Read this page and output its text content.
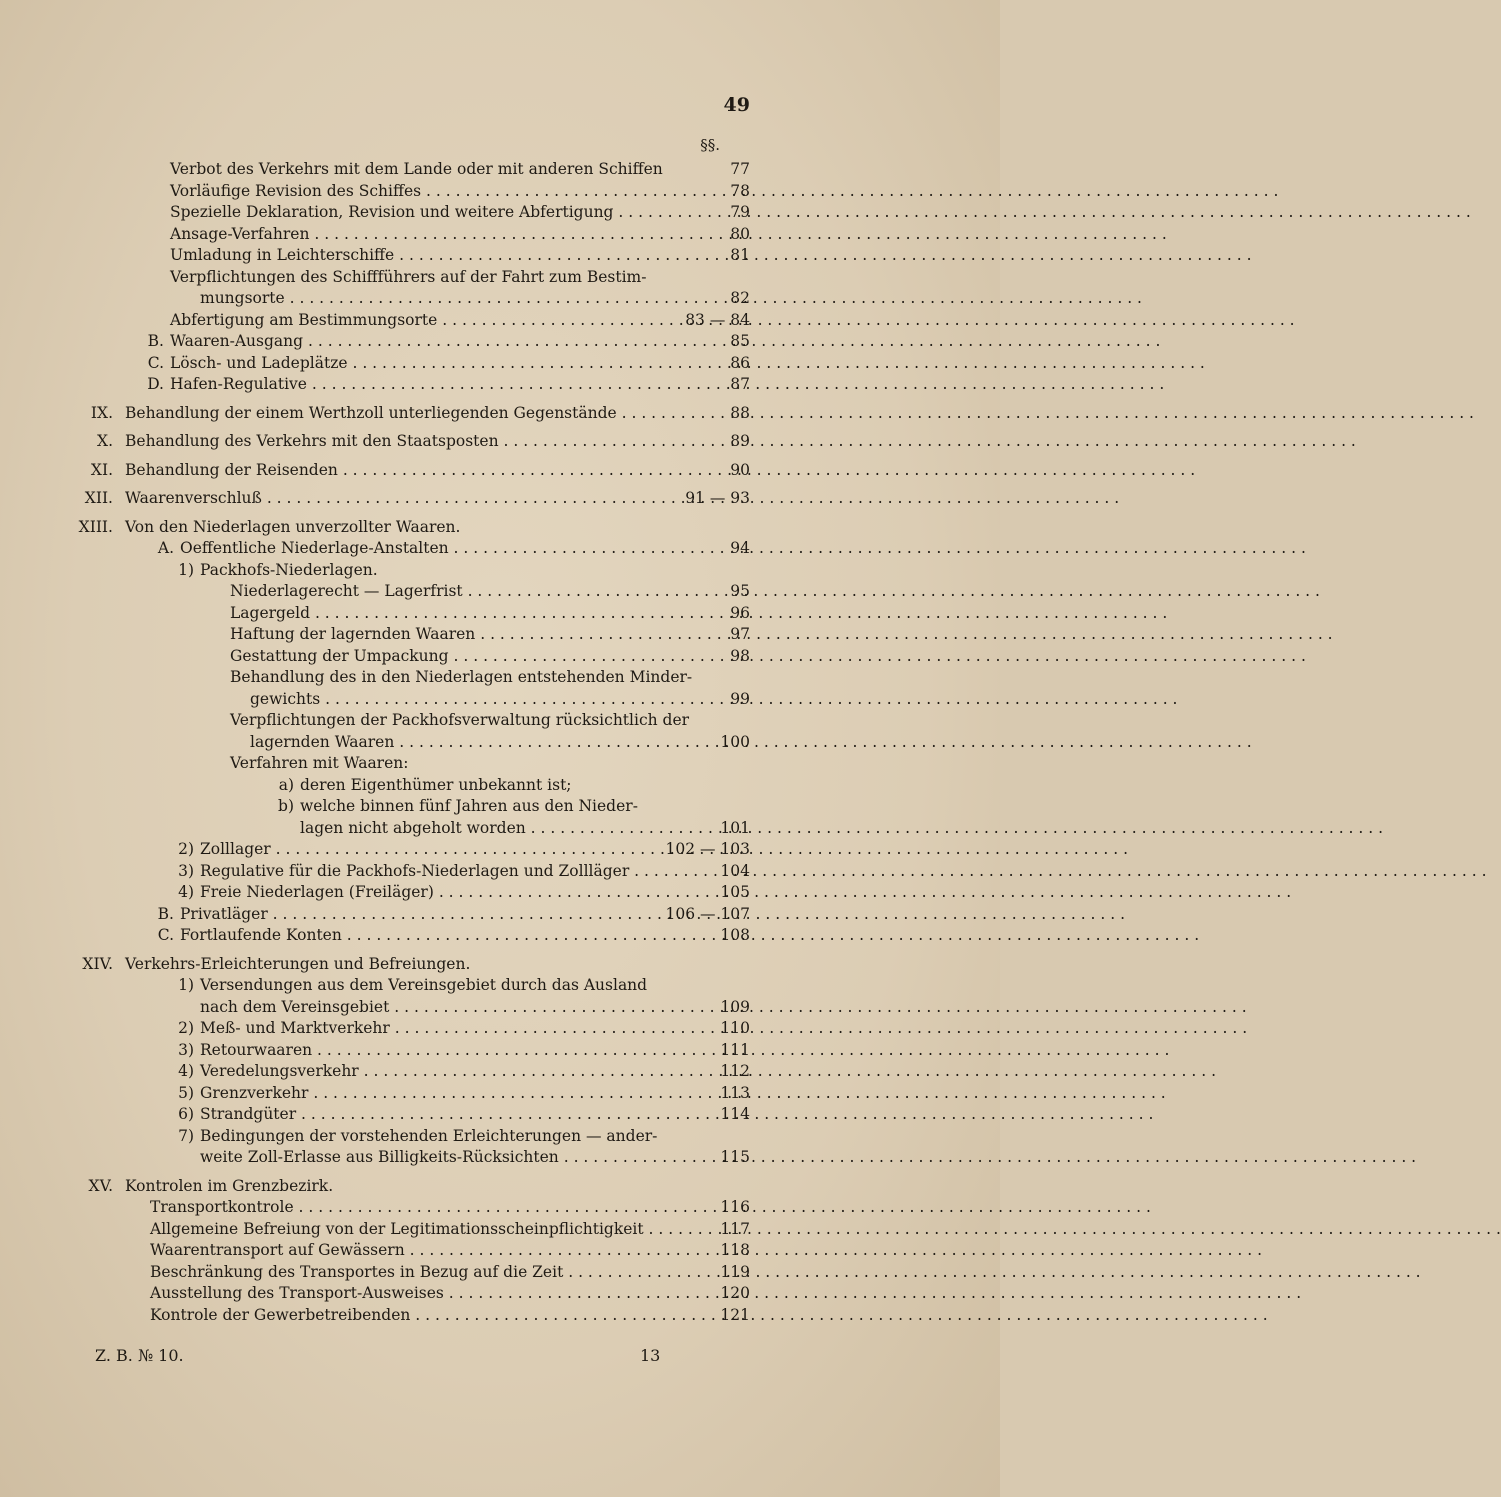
49
§§.
Verbot des Verkehrs mit dem Lande oder mit anderen Schiffen	77
Vorläufige Revision des Schiffes . . .	78
Spezielle Deklaration, Revision und weitere Abfertigung . . .	79
Ansage-Verfahren . . .	80
Umladung in Leichterschiffe . . .	81
Verpflichtungen des Schiffführers auf der Fahrt zum Bestim-
mungsorte . . .	82
Abfertigung am Bestimmungsorte . . .	83 — 84
B. Waaren-Ausgang . . .	85
C. Lösch- und Ladeplätze . . .	86
D. Hafen-Regulative . . .	87
IX. Behandlung der einem Werthzoll unterliegenden Gegenstände . . .	88
X. Behandlung des Verkehrs mit den Staatsposten . . .	89
XI. Behandlung der Reisenden . . .	90
XII. Waarenverschluß . . .	91 — 93
XIII. Von den Niederlagen unverzollter Waaren.
A. Oeffentliche Niederlage-Anstalten . . .	94
1) Packhofs-Niederlagen.
Niederlagerecht — Lagerfrist . . .	95
Lagergeld . . .	96
Haftung der lagernden Waaren . . .	97
Gestattung der Umpackung . . .	98
Behandlung des in den Niederlagen entstehenden Minder-
gewichts . . .	99
Verpflichtungen der Packhofsverwaltung rücksichtlich der
lagernden Waaren . . .	100
Verfahren mit Waaren:
a) deren Eigenthümer unbekannt ist;
b) welche binnen fünf Jahren aus den Nieder-
lagen nicht abgeholt worden . . .	101
2) Zolllager . . .	102 — 103
3) Regulative für die Packhofs-Niederlagen und Zollläger . . .	104
4) Freie Niederlagen (Freiläger) . . .	105
B. Privatläger . . .	106 — 107
C. Fortlaufende Konten . . .	108
XIV. Verkehrs-Erleichterungen und Befreiungen.
1) Versendungen aus dem Vereinsgebiet durch das Ausland
nach dem Vereinsgebiet . . .	109
2) Meß- und Marktverkehr . . .	110
3) Retourwaaren . . .	111
4) Veredelungsverkehr . . .	112
5) Grenzverkehr . . .	113
6) Strandgüter . . .	114
7) Bedingungen der vorstehenden Erleichterungen — ander-
weite Zoll-Erlasse aus Billigkeits-Rücksichten . . .	115
XV. Kontrolen im Grenzbezirk.
Transportkontrole . . .	116
Allgemeine Befreiung von der Legitimationsscheinpflichtigkeit . . .	117
Waarentransport auf Gewässern . . .	118
Beschränkung des Transportes in Bezug auf die Zeit . . .	119
Ausstellung des Transport-Ausweises . . .	120
Kontrole der Gewerbetreibenden . . .	121
Z. B. № 10.	13
